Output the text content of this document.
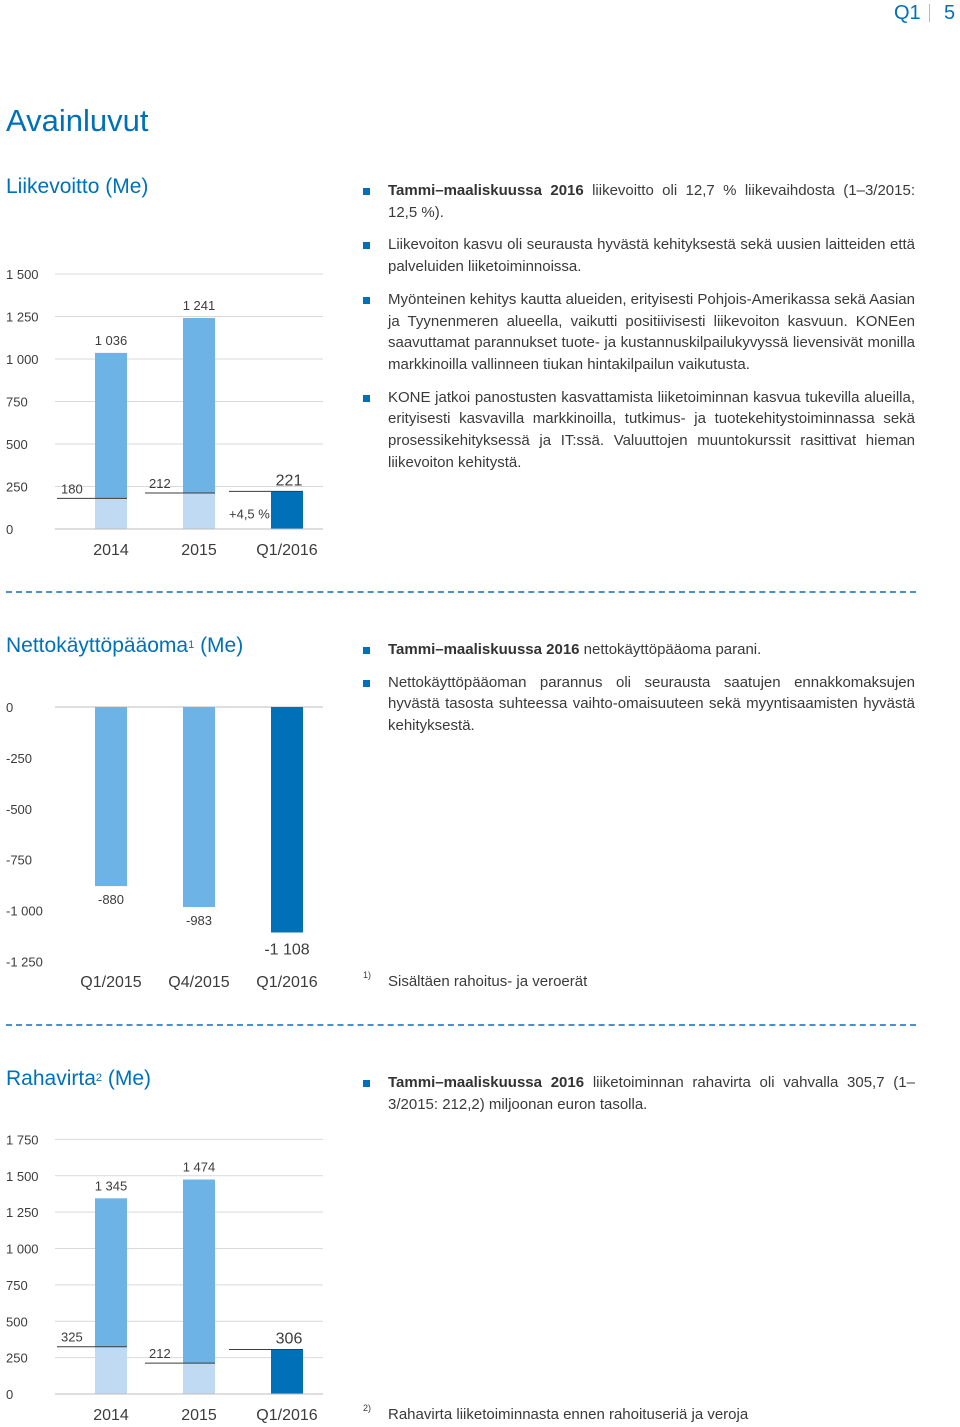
Q1 5
Avainluvut
Liikevoitto (Me)
1 500
1 250
1 000
750
500
250
0
1 036
180
2014
1 241
212
2015
221
Q1/2016
+4,5 %
Tammi–maaliskuussa 2016 liikevoitto oli 12,7 % liikevaihdosta (1–3/2015: 12,5 %).
Liikevoiton kasvu oli seurausta hyvästä kehityksestä sekä uusien laitteiden että palveluiden liiketoiminnoissa.
Myönteinen kehitys kautta alueiden, erityisesti Pohjois-Amerikassa sekä Aasian ja Tyynenmeren alueella, vaikutti positiivisesti liikevoiton kasvuun. KONEen saavuttamat parannukset tuote- ja kustannuskilpailukyvyssä lievensivät monilla markkinoilla vallinneen tiukan hintakilpailun vaikutusta.
KONE jatkoi panostusten kasvattamista liiketoiminnan kasvua tukevilla alueilla, erityisesti kasvavilla markkinoilla, tutkimus- ja tuotekehitystoiminnassa sekä prosessikehityksessä ja IT:ssä. Valuuttojen muuntokurssit rasittivat hieman liikevoiton kehitystä.
Nettokäyttöpääoma$^1$ (Me)
0
-250
-500
-750
-1 000
-1 250
-880
Q1/2015
-983
Q4/2015
-1 108
Q1/2016
Tammi–maaliskuussa 2016 nettokäyttöpääoma parani.
Nettokäyttöpääoman parannus oli seurausta saatujen ennakkomaksujen hyvästä tasosta suhteessa vaihto-omaisuuteen sekä myyntisaamisten hyvästä kehityksestä.
1) Sisältäen rahoitus- ja veroerät
Rahavirta$^2$ (Me)
1 750
1 500
1 250
1 000
750
500
250
0
1 345
325
2014
1 474
212
2015
306
Q1/2016
Tammi–maaliskuussa 2016 liiketoiminnan rahavirta oli vahvalla 305,7 (1–3/2015: 212,2) miljoonan euron tasolla.
2) Rahavirta liiketoiminnasta ennen rahoituseriä ja veroja
